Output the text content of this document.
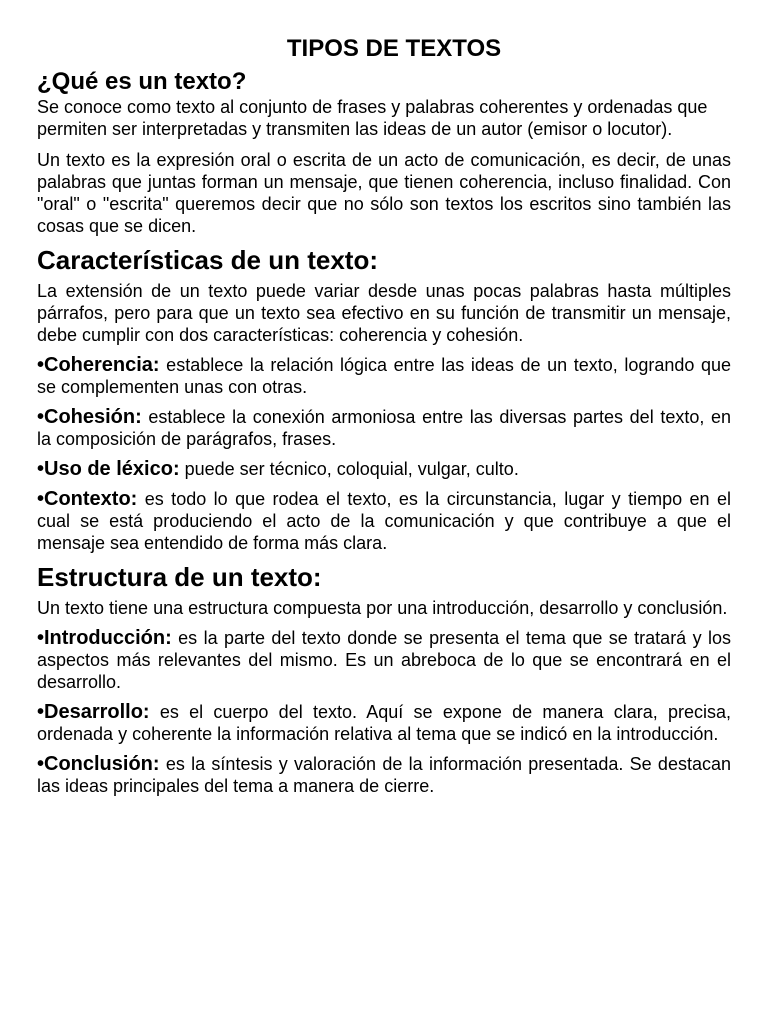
TIPOS DE TEXTOS
¿Qué es un texto?

Se conoce como texto al conjunto de frases y palabras coherentes y ordenadas que permiten ser interpretadas y transmiten las ideas de un autor (emisor o locutor).

Un texto es la expresión oral o escrita de un acto de comunicación, es decir, de unas palabras que juntas forman un mensaje, que tienen coherencia, incluso finalidad. Con "oral" o "escrita" queremos decir que no sólo son textos los escritos sino también las cosas que se dicen.

Características de un texto:

La extensión de un texto puede variar desde unas pocas palabras hasta múltiples párrafos, pero para que un texto sea efectivo en su función de transmitir un mensaje, debe cumplir con dos características: coherencia y cohesión.

•Coherencia: establece la relación lógica entre las ideas de un texto, logrando que se complementen unas con otras.
•Cohesión: establece la conexión armoniosa entre las diversas partes del texto, en la composición de parágrafos, frases.
•Uso de léxico: puede ser técnico, coloquial, vulgar, culto.
•Contexto: es todo lo que rodea el texto, es la circunstancia, lugar y tiempo en el cual se está produciendo el acto de la comunicación y que contribuye a que el mensaje sea entendido de forma más clara.
Estructura de un texto:

Un texto tiene una estructura compuesta por una introducción, desarrollo y conclusión.

•Introducción: es la parte del texto donde se presenta el tema que se tratará y los aspectos más relevantes del mismo. Es un abreboca de lo que se encontrará en el desarrollo.
•Desarrollo: es el cuerpo del texto. Aquí se expone de manera clara, precisa, ordenada y coherente la información relativa al tema que se indicó en la introducción.
•Conclusión: es la síntesis y valoración de la información presentada. Se destacan las ideas principales del tema a manera de cierre.
